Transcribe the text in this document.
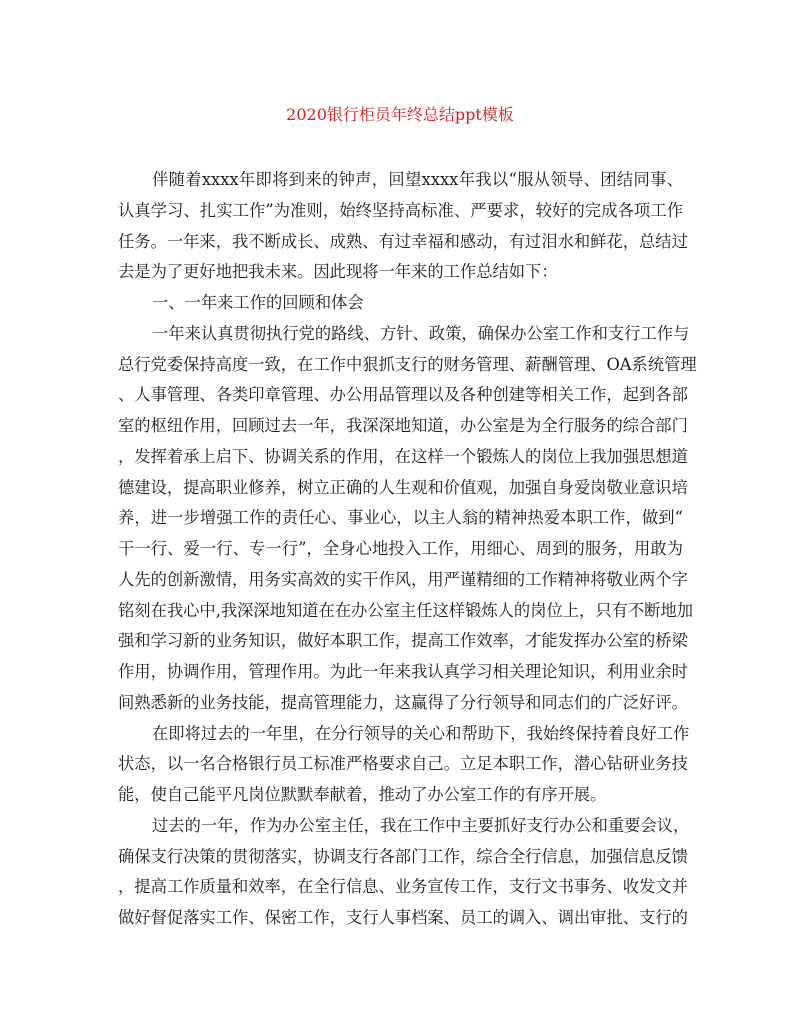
2020银行柜员年终总结ppt模板
伴随着xxxx年即将到来的钟声，回望xxxx年我以“服从领导、团结同事、
认真学习、扎实工作”为准则，始终坚持高标准、严要求，较好的完成各项工作
任务。一年来，我不断成长、成熟、有过幸福和感动，有过泪水和鲜花，总结过
去是为了更好地把我未来。因此现将一年来的工作总结如下：
一、一年来工作的回顾和体会
一年来认真贯彻执行党的路线、方针、政策，确保办公室工作和支行工作与
总行党委保持高度一致，在工作中狠抓支行的财务管理、薪酬管理、OA系统管理
、人事管理、各类印章管理、办公用品管理以及各种创建等相关工作，起到各部
室的枢纽作用，回顾过去一年，我深深地知道，办公室是为全行服务的综合部门
，发挥着承上启下、协调关系的作用，在这样一个锻炼人的岗位上我加强思想道
德建设，提高职业修养，树立正确的人生观和价值观，加强自身爱岗敬业意识培
养，进一步增强工作的责任心、事业心，以主人翁的精神热爱本职工作，做到“
干一行、爱一行、专一行”，全身心地投入工作，用细心、周到的服务，用敢为
人先的创新激情，用务实高效的实干作风，用严谨精细的工作精神将敬业两个字
铭刻在我心中,我深深地知道在在办公室主任这样锻炼人的岗位上，只有不断地加
强和学习新的业务知识，做好本职工作，提高工作效率，才能发挥办公室的桥梁
作用，协调作用，管理作用。为此一年来我认真学习相关理论知识，利用业余时
间熟悉新的业务技能，提高管理能力，这赢得了分行领导和同志们的广泛好评。
在即将过去的一年里，在分行领导的关心和帮助下，我始终保持着良好工作
状态，以一名合格银行员工标准严格要求自己。立足本职工作，潜心钻研业务技
能，使自己能平凡岗位默默奉献着，推动了办公室工作的有序开展。
过去的一年，作为办公室主任，我在工作中主要抓好支行办公和重要会议，
确保支行决策的贯彻落实，协调支行各部门工作，综合全行信息，加强信息反馈
，提高工作质量和效率，在全行信息、业务宣传工作，支行文书事务、收发文并
做好督促落实工作、保密工作，支行人事档案、员工的调入、调出审批、支行的
